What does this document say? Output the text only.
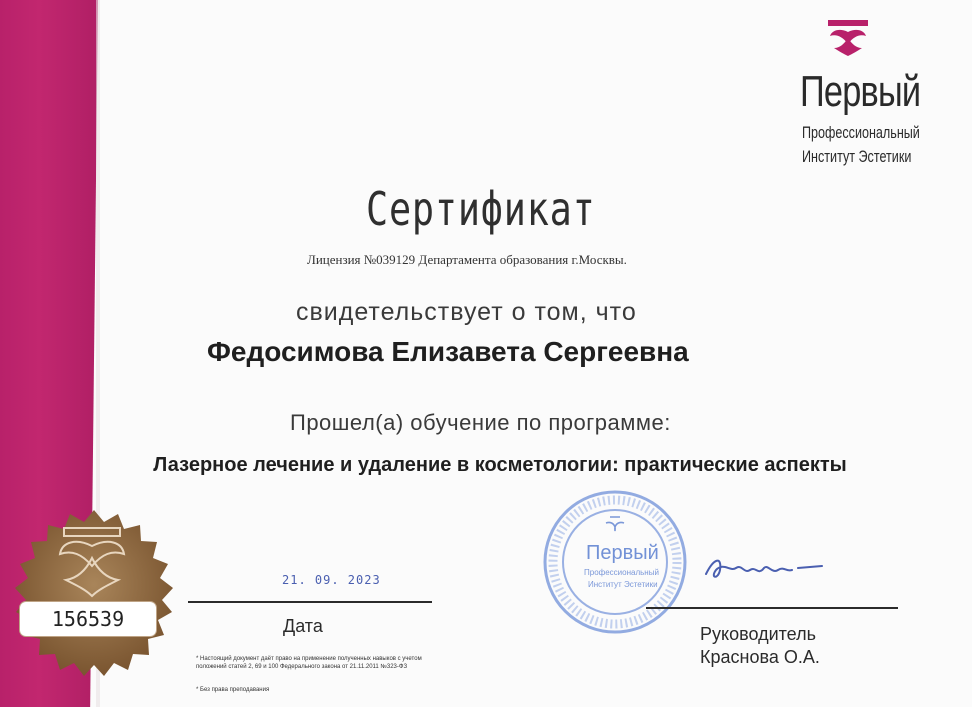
Первый
Профессиональный
Институт Эстетики
Сертификат
Лицензия №039129 Департамента образования г.Москвы.
свидетельствует о том, что
Федосимова Елизавета Сергеевна
Прошел(а) обучение по программе:
Лазерное лечение и удаление в косметологии: практические аспекты
156539
21. 09. 2023
Дата
Первый
Профессиональный
Институт Эстетики
Руководитель
Краснова О.А.
* Настоящий документ даёт право на применение полученных навыков с учетом положений статей 2, 69 и 100 Федерального закона от 21.11.2011 №323-ФЗ
* Без права преподавания
